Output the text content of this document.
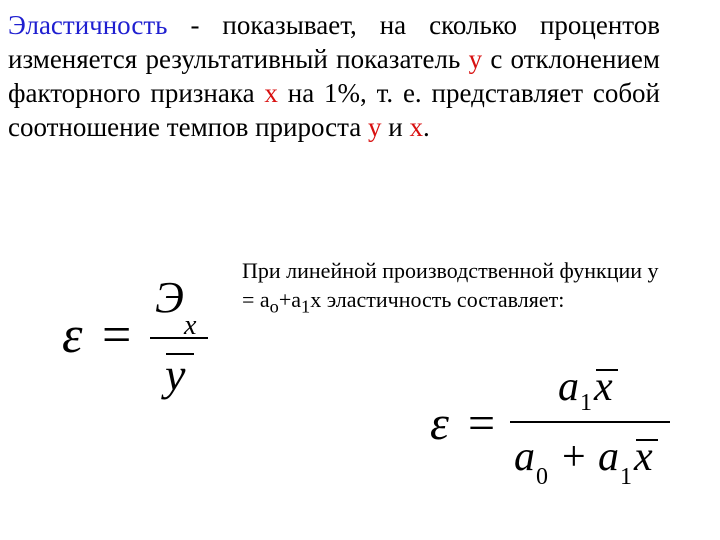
Эластичность - показывает, на сколько процентов изменяется результативный показатель у с отклонением факторного признака х на 1%, т. е. представляет собой соотношение темпов прироста у и х.

ε =
Э
x
y

При линейной производственной функции $у = а_о+а_1х$ эластичность составляет:

ε =
a 1 x
a 0 + a 1 x
